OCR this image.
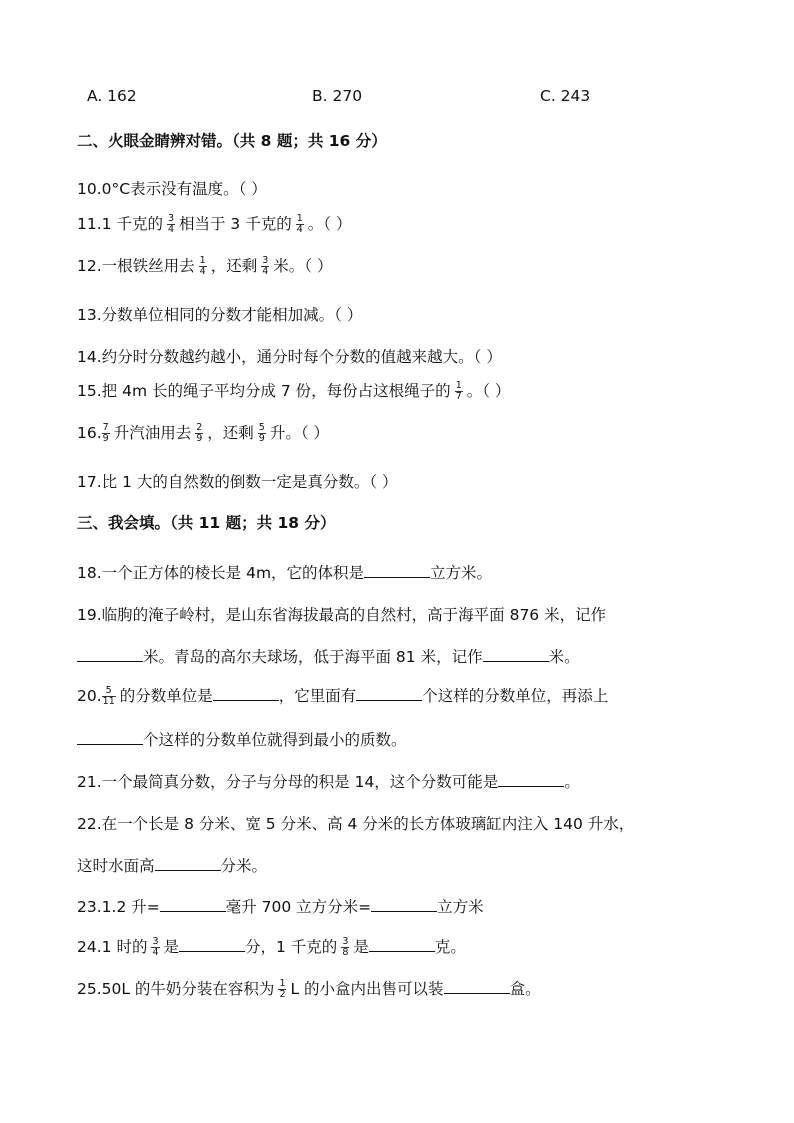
A. 162	B. 270	C. 243
二、火眼金睛辨对错。（共 8 题；共 16 分）
10.0°C表示没有温度。（ ）
11.1 千克的 $\frac{3}{4}$ 相当于 3 千克的 $\frac{1}{4}$ 。（ ）
12.一根铁丝用去 $\frac{1}{4}$ ，还剩 $\frac{3}{4}$ 米。（ ）
13.分数单位相同的分数才能相加减。（ ）
14.约分时分数越约越小，通分时每个分数的值越来越大。（ ）
15.把 4m 长的绳子平均分成 7 份，每份占这根绳子的 $\frac{1}{7}$ 。（ ）
16. $\frac{7}{9}$ 升汽油用去 $\frac{2}{9}$ ，还剩 $\frac{5}{9}$ 升。（ ）
17.比 1 大的自然数的倒数一定是真分数。（ ）
三、我会填。（共 11 题；共 18 分）
18.一个正方体的棱长是 4m，它的体积是	立方米。
19.临朐的淹子岭村，是山东省海拔最高的自然村，高于海平面 876 米，记作
米。青岛的高尔夫球场，低于海平面 81 米，记作	米。
20. $\frac{5}{11}$ 的分数单位是	，它里面有	个这样的分数单位，再添上
个这样的分数单位就得到最小的质数。
21.一个最简真分数，分子与分母的积是 14，这个分数可能是	。
22.在一个长是 8 分米、宽 5 分米、高 4 分米的长方体玻璃缸内注入 140 升水，
这时水面高	分米。
23.1.2 升=	毫升 700 立方分米=	立方米
24.1 时的 $\frac{3}{4}$ 是	分，1 千克的 $\frac{3}{8}$ 是	克。
25.50L 的牛奶分装在容积为 $\frac{1}{2}$ L 的小盒内出售可以装	盒。
